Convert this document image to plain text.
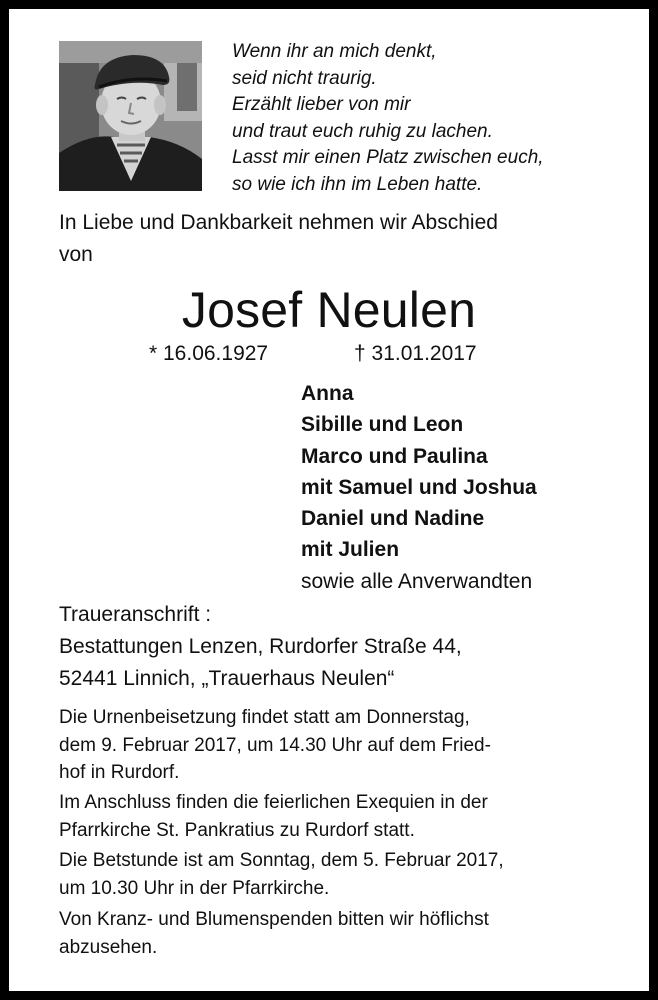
Wenn ihr an mich denkt,
seid nicht traurig.
Erzählt lieber von mir
und traut euch ruhig zu lachen.
Lasst mir einen Platz zwischen euch,
so wie ich ihn im Leben hatte.
In Liebe und Dankbarkeit nehmen wir Abschied
von
Josef Neulen
* 16.06.1927	† 31.01.2017
Anna
Sibille und Leon
Marco und Paulina
mit Samuel und Joshua
Daniel und Nadine
mit Julien
sowie alle Anverwandten
Traueranschrift :
Bestattungen Lenzen, Rurdorfer Straße 44,
52441 Linnich, „Trauerhaus Neulen“
Die Urnenbeisetzung findet statt am Donnerstag,
dem 9. Februar 2017, um 14.30 Uhr auf dem Fried-
hof in Rurdorf.
Im Anschluss finden die feierlichen Exequien in der
Pfarrkirche St. Pankratius zu Rurdorf statt.
Die Betstunde ist am Sonntag, dem 5. Februar 2017,
um 10.30 Uhr in der Pfarrkirche.
Von Kranz- und Blumenspenden bitten wir höflichst
abzusehen.
